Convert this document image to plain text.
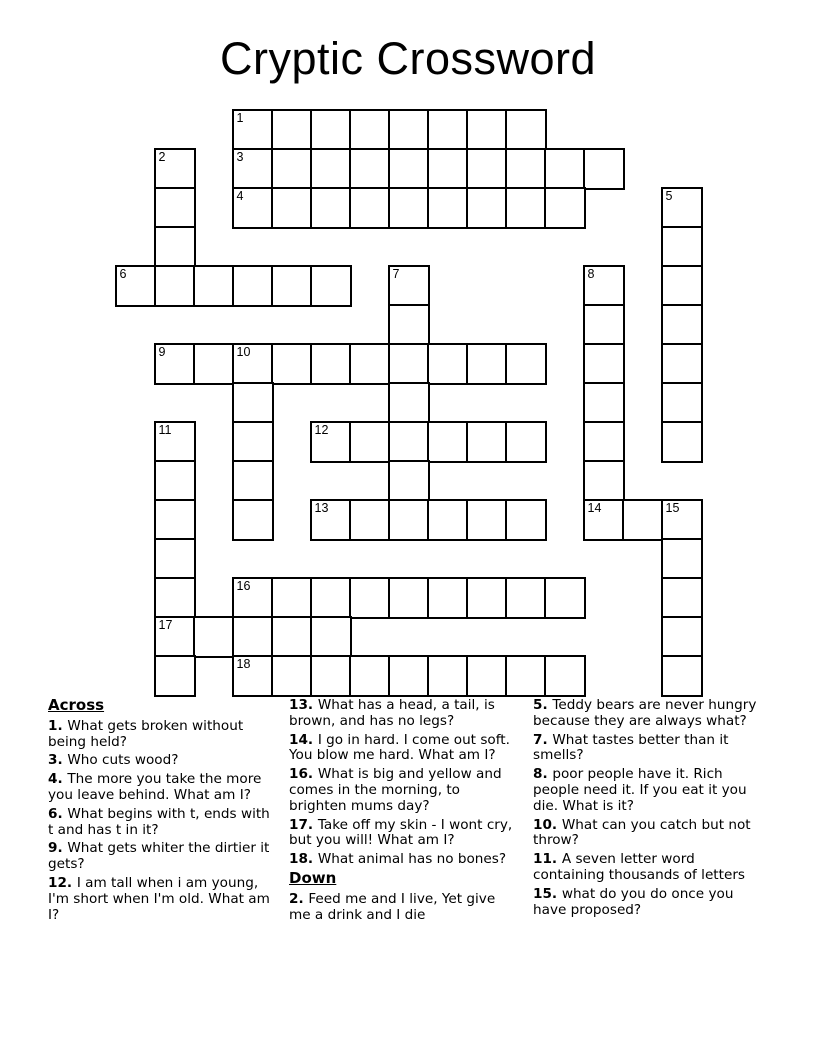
Cryptic Crossword
1
2	3
4	5
6	7	8
9	10
11	12
13	14	15
16
17
18
Across
1. What gets broken without being held?
3. Who cuts wood?
4. The more you take the more you leave behind. What am I?
6. What begins with t, ends with t and has t in it?
9. What gets whiter the dirtier it gets?
12. I am tall when i am young, I'm short when I'm old. What am I?
13. What has a head, a tail, is brown, and has no legs?
14. I go in hard. I come out soft. You blow me hard. What am I?
16. What is big and yellow and comes in the morning, to brighten mums day?
17. Take off my skin - I wont cry, but you will! What am I?
18. What animal has no bones?
Down
2. Feed me and I live, Yet give me a drink and I die
5. Teddy bears are never hungry because they are always what?
7. What tastes better than it smells?
8. poor people have it. Rich people need it. If you eat it you die. What is it?
10. What can you catch but not throw?
11. A seven letter word containing thousands of letters
15. what do you do once you have proposed?
